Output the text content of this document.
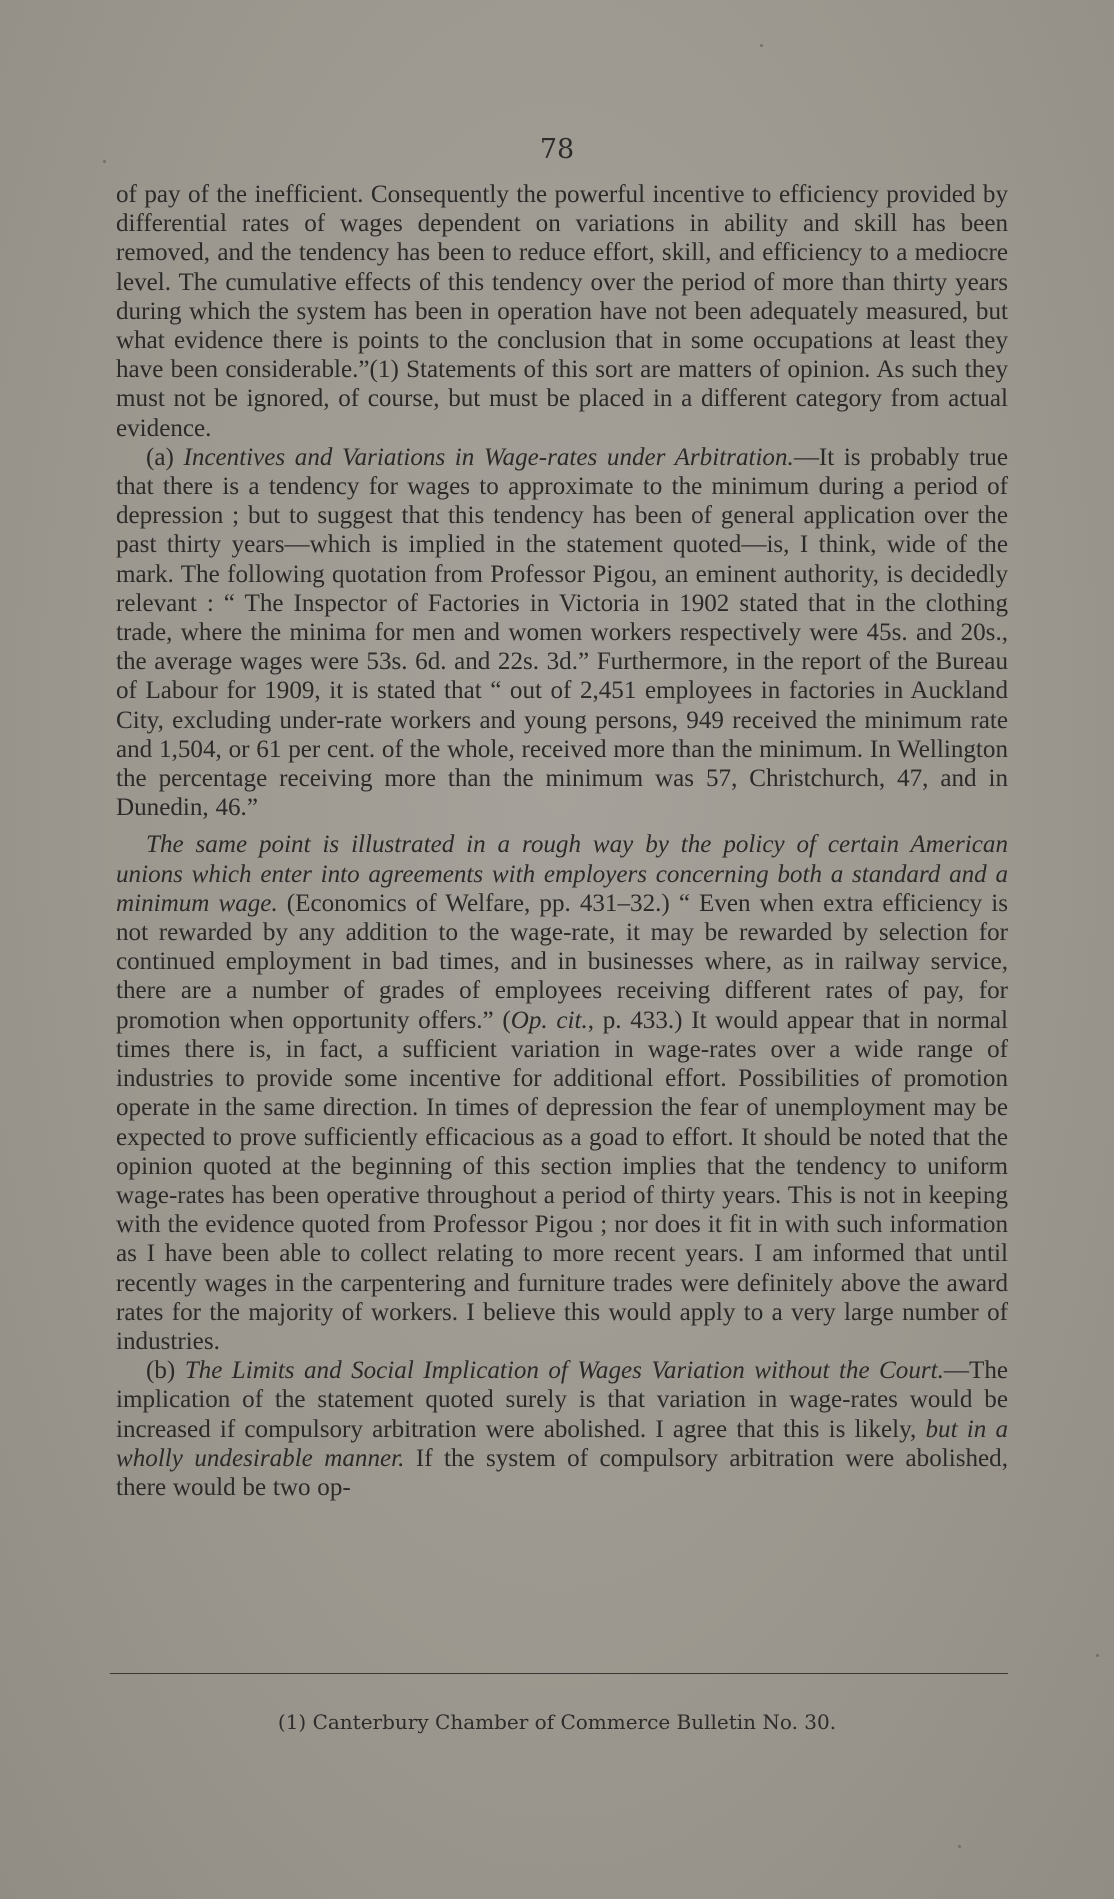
78

of pay of the inefficient. Consequently the powerful incentive to efficiency provided by differential rates of wages dependent on variations in ability and skill has been removed, and the tendency has been to reduce effort, skill, and efficiency to a mediocre level. The cumulative effects of this tendency over the period of more than thirty years during which the system has been in operation have not been adequately measured, but what evidence there is points to the conclusion that in some occupations at least they have been considerable.”(1) Statements of this sort are matters of opinion. As such they must not be ignored, of course, but must be placed in a different category from actual evidence.

(a) Incentives and Variations in Wage-rates under Arbitration.—It is probably true that there is a tendency for wages to approximate to the minimum during a period of depression ; but to suggest that this tendency has been of general application over the past thirty years—which is implied in the statement quoted—is, I think, wide of the mark. The following quotation from Professor Pigou, an eminent authority, is decidedly relevant : “ The Inspector of Factories in Victoria in 1902 stated that in the clothing trade, where the minima for men and women workers respectively were 45s. and 20s., the average wages were 53s. 6d. and 22s. 3d.” Furthermore, in the report of the Bureau of Labour for 1909, it is stated that “ out of 2,451 employees in factories in Auckland City, excluding under-rate workers and young persons, 949 received the minimum rate and 1,504, or 61 per cent. of the whole, received more than the minimum. In Wellington the percentage receiving more than the minimum was 57, Christchurch, 47, and in Dunedin, 46.”

The same point is illustrated in a rough way by the policy of certain American unions which enter into agreements with employers concerning both a standard and a minimum wage. (Economics of Welfare, pp. 431–32.) “ Even when extra efficiency is not rewarded by any addition to the wage-rate, it may be rewarded by selection for continued employment in bad times, and in businesses where, as in railway service, there are a number of grades of employees receiving different rates of pay, for promotion when opportunity offers.” (Op. cit., p. 433.) It would appear that in normal times there is, in fact, a sufficient variation in wage-rates over a wide range of industries to provide some incentive for additional effort. Possibilities of promotion operate in the same direction. In times of depression the fear of unemployment may be expected to prove sufficiently efficacious as a goad to effort. It should be noted that the opinion quoted at the beginning of this section implies that the tendency to uniform wage-rates has been operative throughout a period of thirty years. This is not in keeping with the evidence quoted from Professor Pigou ; nor does it fit in with such information as I have been able to collect relating to more recent years. I am informed that until recently wages in the carpentering and furniture trades were definitely above the award rates for the majority of workers. I believe this would apply to a very large number of industries.

(b) The Limits and Social Implication of Wages Variation without the Court.—The implication of the statement quoted surely is that variation in wage-rates would be increased if compulsory arbitration were abolished. I agree that this is likely, but in a wholly undesirable manner. If the system of compulsory arbitration were abolished, there would be two op-

(1) Canterbury Chamber of Commerce Bulletin No. 30.
